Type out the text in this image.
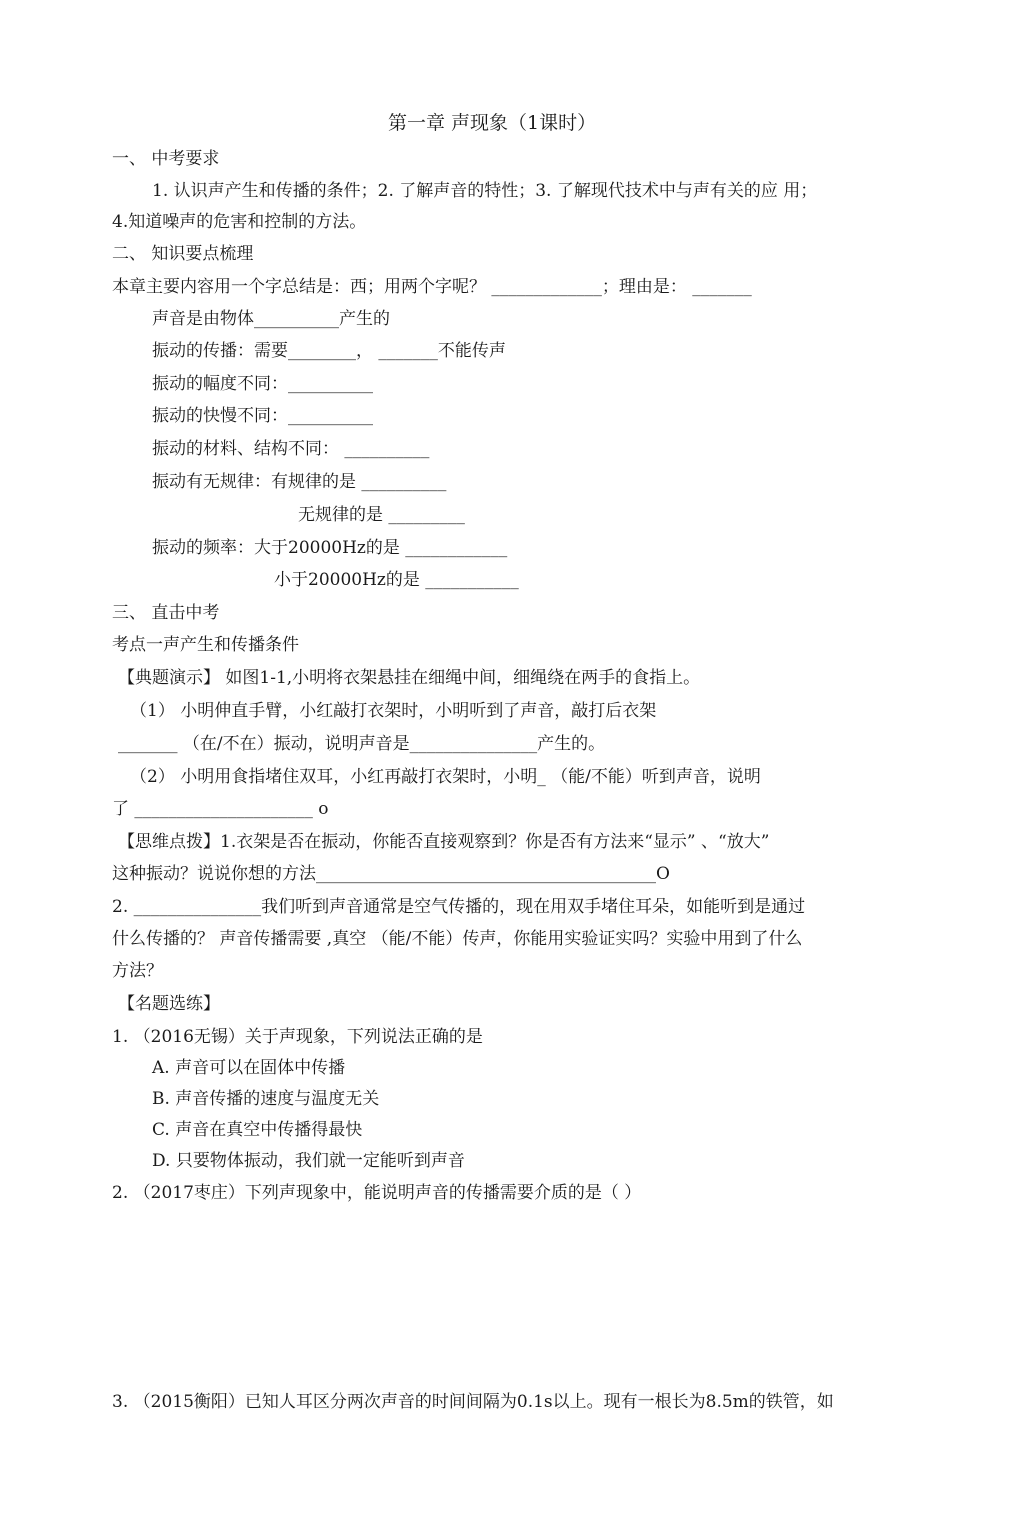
第一章 声现象（1课时）
一、 中考要求
1. 认识声产生和传播的条件；2. 了解声音的特性；3. 了解现代技术中与声有关的应 用；
4.知道噪声的危害和控制的方法。
二、 知识要点梳理
本章主要内容用一个字总结是：西；用两个字呢？ _____________；理由是： _______
声音是由物体__________产生的
振动的传播：需要________， _______不能传声
振动的幅度不同：__________
振动的快慢不同：__________
振动的材料、结构不同： __________
振动有无规律：有规律的是 __________
无规律的是 _________
振动的频率：大于20000Hz的是 ____________
小于20000Hz的是 ___________
三、 直击中考
考点一声产生和传播条件
【典题演示】 如图1-1,小明将衣架悬挂在细绳中间，细绳绕在两手的食指上。
（1） 小明伸直手臂，小红敲打衣架时，小明听到了声音，敲打后衣架
_______ （在/不在）振动，说明声音是_______________产生的。
（2） 小明用食指堵住双耳，小红再敲打衣架时，小明_ （能/不能）听到声音，说明
了 _____________________ o
【思维点拨】1.衣架是否在振动，你能否直接观察到？你是否有方法来“显示” 、“放大”
这种振动？说说你想的方法________________________________________O
2. _______________我们听到声音通常是空气传播的，现在用双手堵住耳朵，如能听到是通过
什么传播的？ 声音传播需要 ,真空 （能/不能）传声，你能用实验证实吗？实验中用到了什么
方法？
【名题选练】
1. （2016无锡）关于声现象，下列说法正确的是
A. 声音可以在固体中传播
B. 声音传播的速度与温度无关
C. 声音在真空中传播得最快
D. 只要物体振动，我们就一定能听到声音
2. （2017枣庄）下列声现象中，能说明声音的传播需要介质的是（ ）
3. （2015衡阳）已知人耳区分两次声音的时间间隔为0.1s以上。现有一根长为8.5m的铁管，如
